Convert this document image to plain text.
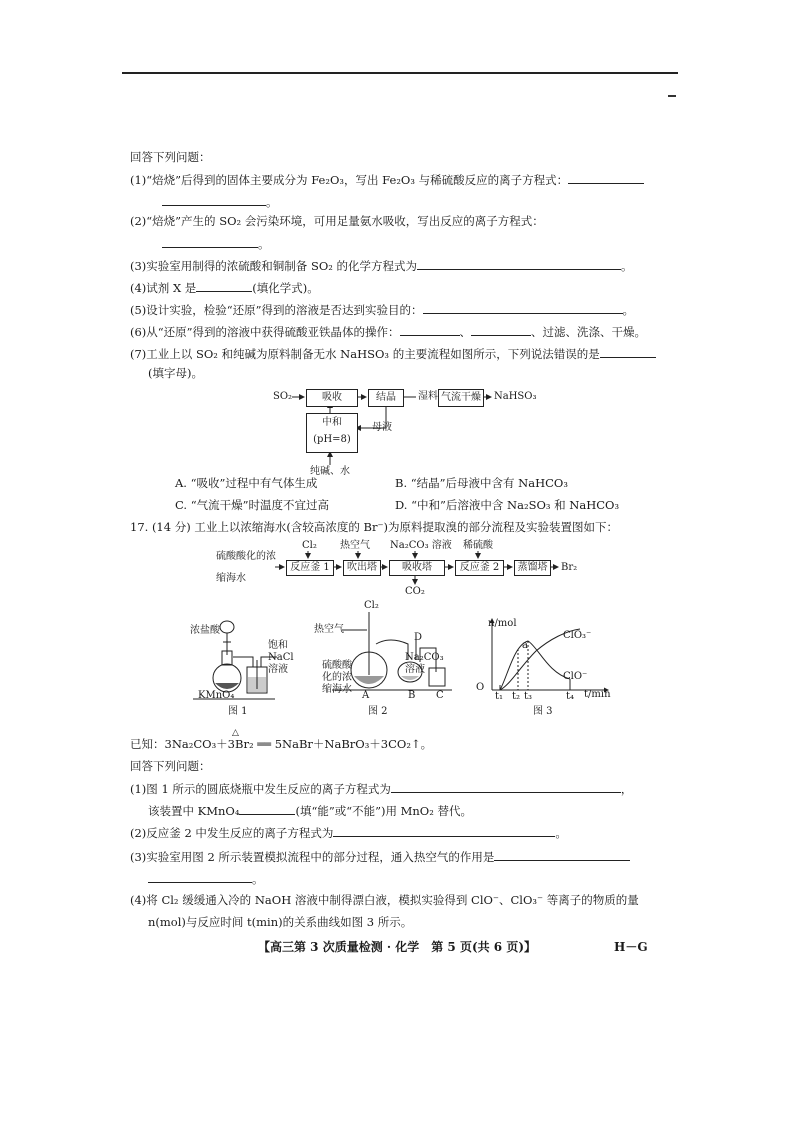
回答下列问题：
(1)“焙烧”后得到的固体主要成分为 Fe₂O₃，写出 Fe₂O₃ 与稀硫酸反应的离子方程式：
。
(2)“焙烧”产生的 SO₂ 会污染环境，可用足量氨水吸收，写出反应的离子方程式：
。
(3)实验室用制得的浓硫酸和铜制备 SO₂ 的化学方程式为	。
(4)试剂 X 是	(填化学式)。
(5)设计实验，检验“还原”得到的溶液是否达到实验目的：	。
(6)从“还原”得到的溶液中获得硫酸亚铁晶体的操作：	、	、过滤、洗涤、干燥。
(7)工业上以 SO₂ 和纯碱为原料制备无水 NaHSO₃ 的主要流程如图所示，下列说法错误的是
(填字母)。
SO₂	吸收	结晶	湿料 气流干燥	NaHSO₃
中和
(pH=8)
母液
纯碱、水
A. “吸收”过程中有气体生成	B. “结晶”后母液中含有 NaHCO₃
C. “气流干燥”时温度不宜过高	D. “中和”后溶液中含 Na₂SO₃ 和 NaHCO₃
17. (14 分) 工业上以浓缩海水(含较高浓度的 Br⁻)为原料提取溴的部分流程及实验装置图如下：
硫酸酸化的浓
缩海水
Cl₂ 热空气 Na₂CO₃ 溶液 稀硫酸
反应釜 1	吹出塔	吸收塔	反应釜 2	蒸馏塔	Br₂
CO₂
浓盐酸
KMnO₄
饱和
NaCl
溶液
图 1
Cl₂
热空气
D
硫酸酸
化的浓
缩海水
Na₂CO₃
溶液
A	B C
图 2
n/mol
O
ClO₃⁻
ClO⁻
a
t₁ t₂ t₃	t₄ t/min
图 3
△
已知：3Na₂CO₃＋3Br₂ ══ 5NaBr＋NaBrO₃＋3CO₂↑。
回答下列问题：
(1)图 1 所示的圆底烧瓶中发生反应的离子方程式为	，
该装置中 KMnO₄	(填“能”或“不能”)用 MnO₂ 替代。
(2)反应釜 2 中发生反应的离子方程式为	。
(3)实验室用图 2 所示装置模拟流程中的部分过程，通入热空气的作用是
。
(4)将 Cl₂ 缓缓通入冷的 NaOH 溶液中制得漂白液，模拟实验得到 ClO⁻、ClO₃⁻ 等离子的物质的量
n(mol)与反应时间 t(min)的关系曲线如图 3 所示。
【高三第 3 次质量检测 · 化学　第 5 页(共 6 页)】	H－G
